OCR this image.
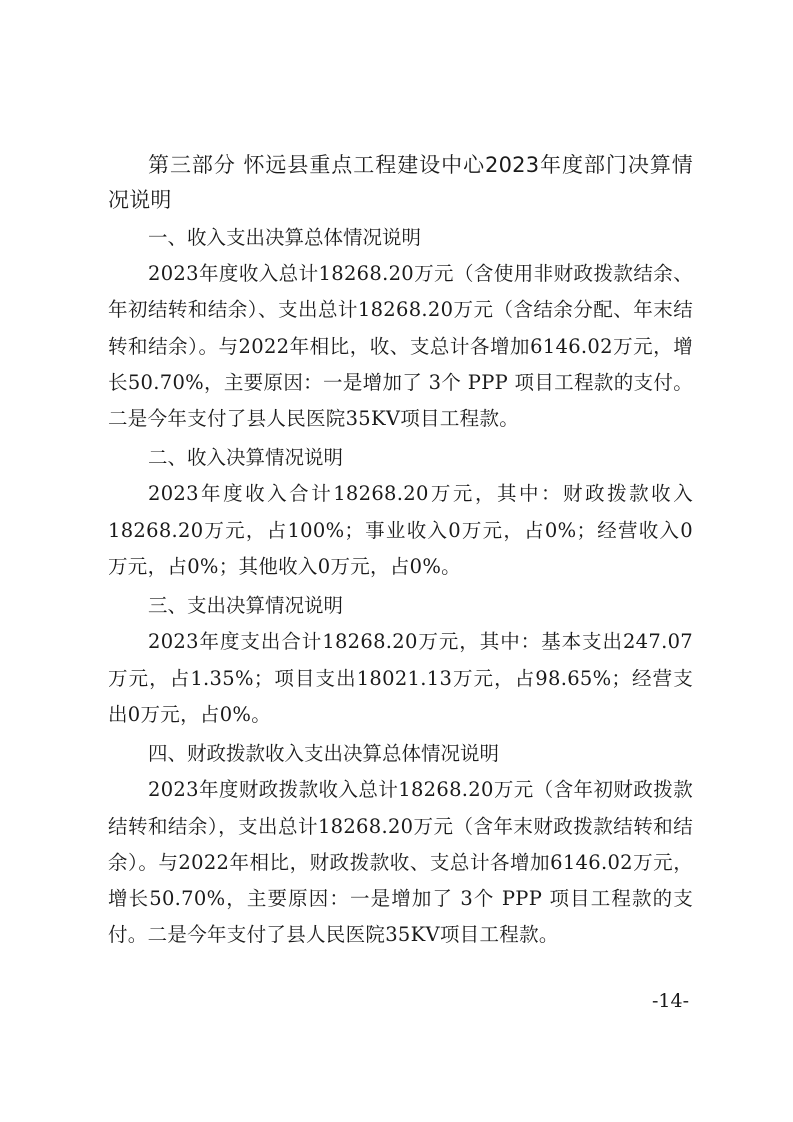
第三部分 怀远县重点工程建设中心2023年度部门决算情况说明
一、收入支出决算总体情况说明

2023年度收入总计18268.20万元（含使用非财政拨款结余、年初结转和结余）、支出总计18268.20万元（含结余分配、年末结转和结余）。与2022年相比，收、支总计各增加6146.02万元，增长50.70%，主要原因：一是增加了 3个 PPP 项目工程款的支付。二是今年支付了县人民医院35KV项目工程款。

二、收入决算情况说明

2023年度收入合计18268.20万元，其中：财政拨款收入18268.20万元，占100%；事业收入0万元，占0%；经营收入0万元，占0%；其他收入0万元，占0%。

三、支出决算情况说明

2023年度支出合计18268.20万元，其中：基本支出247.07万元，占1.35%；项目支出18021.13万元，占98.65%；经营支出0万元，占0%。

四、财政拨款收入支出决算总体情况说明

2023年度财政拨款收入总计18268.20万元（含年初财政拨款结转和结余），支出总计18268.20万元（含年末财政拨款结转和结余）。与2022年相比，财政拨款收、支总计各增加6146.02万元，增长50.70%，主要原因：一是增加了 3个 PPP 项目工程款的支付。二是今年支付了县人民医院35KV项目工程款。

-14-
